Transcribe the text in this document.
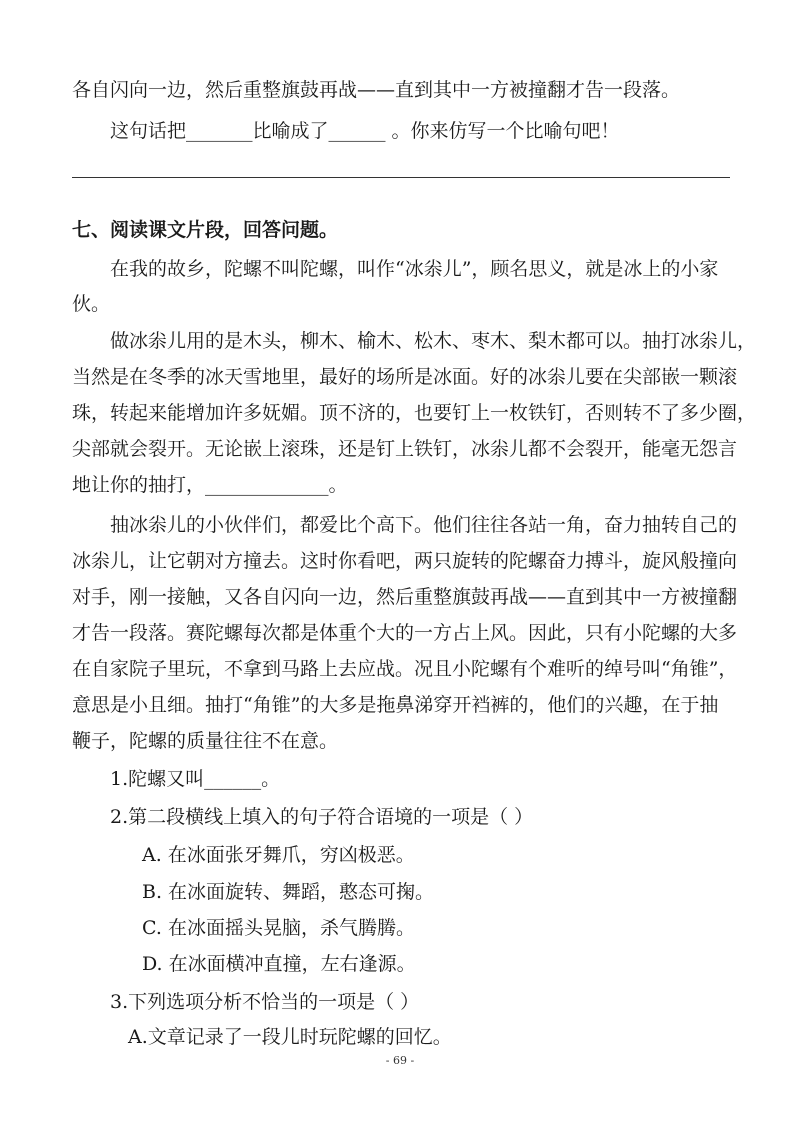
各自闪向一边，然后重整旗鼓再战——直到其中一方被撞翻才告一段落。
这句话把_______比喻成了______ 。你来仿写一个比喻句吧！
七、阅读课文片段，回答问题。
在我的故乡，陀螺不叫陀螺，叫作“冰尜儿”，顾名思义，就是冰上的小家
伙。
做冰尜儿用的是木头，柳木、榆木、松木、枣木、梨木都可以。抽打冰尜儿，
当然是在冬季的冰天雪地里，最好的场所是冰面。好的冰尜儿要在尖部嵌一颗滚
珠，转起来能增加许多妩媚。顶不济的，也要钉上一枚铁钉，否则转不了多少圈，
尖部就会裂开。无论嵌上滚珠，还是钉上铁钉，冰尜儿都不会裂开，能毫无怨言
地让你的抽打，_____________。
抽冰尜儿的小伙伴们，都爱比个高下。他们往往各站一角，奋力抽转自己的
冰尜儿，让它朝对方撞去。这时你看吧，两只旋转的陀螺奋力搏斗，旋风般撞向
对手，刚一接触，又各自闪向一边，然后重整旗鼓再战——直到其中一方被撞翻
才告一段落。赛陀螺每次都是体重个大的一方占上风。因此，只有小陀螺的大多
在自家院子里玩，不拿到马路上去应战。况且小陀螺有个难听的绰号叫“角锥”，
意思是小且细。抽打“角锥”的大多是拖鼻涕穿开裆裤的，他们的兴趣，在于抽
鞭子，陀螺的质量往往不在意。
1.陀螺又叫______。
2.第二段横线上填入的句子符合语境的一项是（ ）
A. 在冰面张牙舞爪，穷凶极恶。
B. 在冰面旋转、舞蹈，憨态可掬。
C. 在冰面摇头晃脑，杀气腾腾。
D. 在冰面横冲直撞，左右逢源。
3.下列选项分析不恰当的一项是（ ）
A.文章记录了一段儿时玩陀螺的回忆。
- 69 -
